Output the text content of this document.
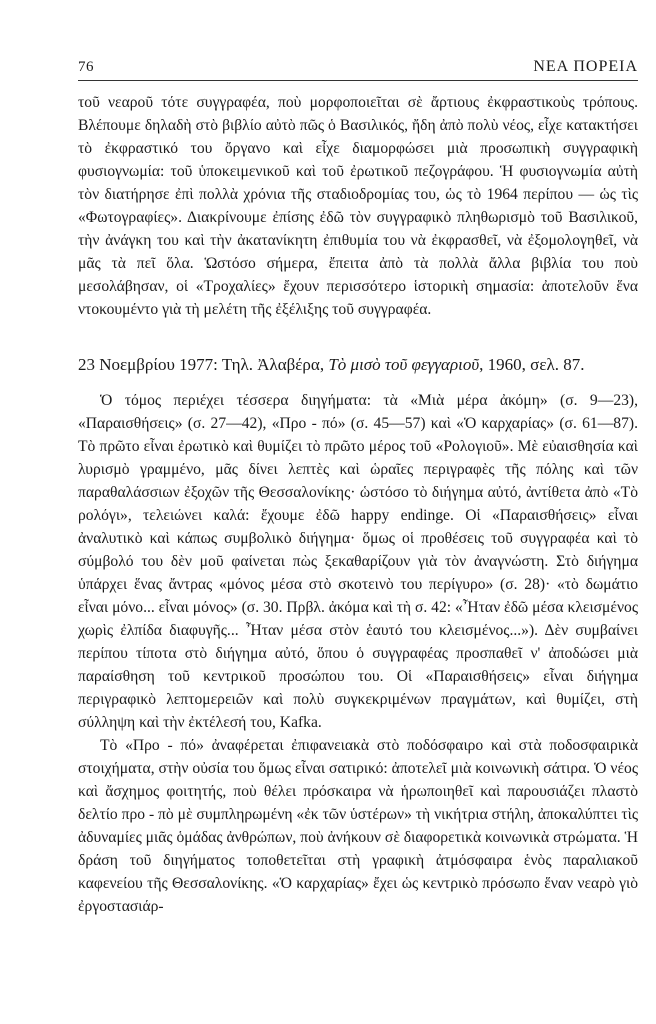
76	ΝΕΑ ΠΟΡΕΙΑ

τοῦ νεαροῦ τότε συγγραφέα, ποὺ μορφοποιεῖται σὲ ἄρτιους ἐκφραστικοὺς τρόπους. Βλέπουμε δηλαδὴ στὸ βιβλίο αὐτὸ πῶς ὁ Βασιλικός, ἤδη ἀπὸ πολὺ νέος, εἶχε κατακτήσει τὸ ἐκφραστικό του ὄργανο καὶ εἶχε διαμορφώσει μιὰ προσωπικὴ συγγραφικὴ φυσιογνωμία: τοῦ ὑποκειμενικοῦ καὶ τοῦ ἐρωτικοῦ πεζογράφου. Ἡ φυσιογνωμία αὐτὴ τὸν διατήρησε ἐπὶ πολλὰ χρόνια τῆς σταδιοδρομίας του, ὡς τὸ 1964 περίπου — ὡς τὶς «Φωτογραφίες». Διακρίνουμε ἐπίσης ἐδῶ τὸν συγγραφικὸ πληθωρισμὸ τοῦ Βασιλικοῦ, τὴν ἀνάγκη του καὶ τὴν ἀκατανίκητη ἐπιθυμία του νὰ ἐκφρασθεῖ, νὰ ἐξομολογηθεῖ, νὰ μᾶς τὰ πεῖ ὅλα. Ὡστόσο σήμερα, ἔπειτα ἀπὸ τὰ πολλὰ ἄλλα βιβλία του ποὺ μεσολάβησαν, οἱ «Τροχαλίες» ἔχουν περισσότερο ἱστορικὴ σημασία: ἀποτελοῦν ἕνα ντοκουμέντο γιὰ τὴ μελέτη τῆς ἐξέλιξης τοῦ συγγραφέα.

23 Νοεμβρίου 1977: Τηλ. Ἀλαβέρα, Τὸ μισὸ τοῦ φεγγαριοῦ, 1960, σελ. 87.

Ὁ τόμος περιέχει τέσσερα διηγήματα: τὰ «Μιὰ μέρα ἀκόμη» (σ. 9—23), «Παραισθήσεις» (σ. 27—42), «Προ - πό» (σ. 45—57) καὶ «Ὁ καρχαρίας» (σ. 61—87). Τὸ πρῶτο εἶναι ἐρωτικὸ καὶ θυμίζει τὸ πρῶτο μέρος τοῦ «Ρολογιοῦ». Μὲ εὐαισθησία καὶ λυρισμὸ γραμμένο, μᾶς δίνει λεπτὲς καὶ ὡραῖες περιγραφὲς τῆς πόλης καὶ τῶν παραθαλάσσιων ἐξοχῶν τῆς Θεσσαλονίκης· ὡστόσο τὸ διήγημα αὐτό, ἀντίθετα ἀπὸ «Τὸ ρολόγι», τελειώνει καλά: ἔχουμε ἐδῶ happy endinge. Οἱ «Παραισθήσεις» εἶναι ἀναλυτικὸ καὶ κάπως συμβολικὸ διήγημα· ὅμως οἱ προθέσεις τοῦ συγγραφέα καὶ τὸ σύμβολό του δὲν μοῦ φαίνεται πὼς ξεκαθαρίζουν γιὰ τὸν ἀναγνώστη. Στὸ διήγημα ὑπάρχει ἕνας ἄντρας «μόνος μέσα στὸ σκοτεινὸ του περίγυρο» (σ. 28)· «τὸ δωμάτιο εἶναι μόνο... εἶναι μόνος» (σ. 30. Πρβλ. ἀκόμα καὶ τὴ σ. 42: «Ἦταν ἐδῶ μέσα κλεισμένος χωρὶς ἐλπίδα διαφυγῆς... Ἦταν μέσα στὸν ἑαυτό του κλεισμένος...»). Δὲν συμβαίνει περίπου τίποτα στὸ διήγημα αὐτό, ὅπου ὁ συγγραφέας προσπαθεῖ ν' ἀποδώσει μιὰ παραίσθηση τοῦ κεντρικοῦ προσώπου του. Οἱ «Παραισθήσεις» εἶναι διήγημα περιγραφικὸ λεπτομερειῶν καὶ πολὺ συγκεκριμένων πραγμάτων, καὶ θυμίζει, στὴ σύλληψη καὶ τὴν ἐκτέλεσή του, Kafka.

Τὸ «Προ - πό» ἀναφέρεται ἐπιφανειακὰ στὸ ποδόσφαιρο καὶ στὰ ποδοσφαιρικὰ στοιχήματα, στὴν οὐσία του ὅμως εἶναι σατιρικό: ἀποτελεῖ μιὰ κοινωνικὴ σάτιρα. Ὁ νέος καὶ ἄσχημος φοιτητής, ποὺ θέλει πρόσκαιρα νὰ ἡρωποιηθεῖ καὶ παρουσιάζει πλαστὸ δελτίο προ - πὸ μὲ συμπληρωμένη «ἐκ τῶν ὑστέρων» τὴ νικήτρια στήλη, ἀποκαλύπτει τὶς ἀδυναμίες μιᾶς ὁμάδας ἀνθρώπων, ποὺ ἀνήκουν σὲ διαφορετικὰ κοινωνικὰ στρώματα. Ἡ δράση τοῦ διηγήματος τοποθετεῖται στὴ γραφικὴ ἀτμόσφαιρα ἑνὸς παραλιακοῦ καφενείου τῆς Θεσσαλονίκης. «Ὁ καρχαρίας» ἔχει ὡς κεντρικὸ πρόσωπο ἕναν νεαρὸ γιὸ ἐργοστασιάρ-
